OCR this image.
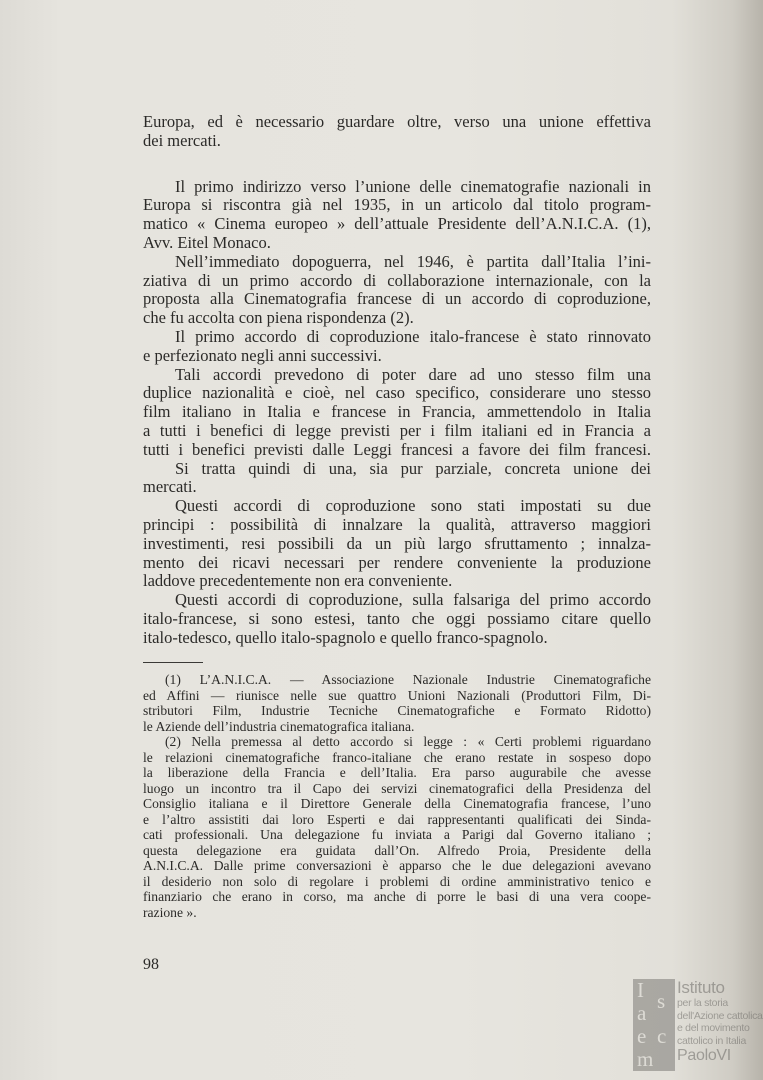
Europa, ed è necessario guardare oltre, verso una unione effettiva
dei mercati.
Il primo indirizzo verso l’unione delle cinematografie nazionali in
Europa si riscontra già nel 1935, in un articolo dal titolo program-
matico « Cinema europeo » dell’attuale Presidente dell’A.N.I.C.A. (1),
Avv. Eitel Monaco.
Nell’immediato dopoguerra, nel 1946, è partita dall’Italia l’ini-
ziativa di un primo accordo di collaborazione internazionale, con la
proposta alla Cinematografia francese di un accordo di coproduzione,
che fu accolta con piena rispondenza (2).
Il primo accordo di coproduzione italo-francese è stato rinnovato
e perfezionato negli anni successivi.
Tali accordi prevedono di poter dare ad uno stesso film una
duplice nazionalità e cioè, nel caso specifico, considerare uno stesso
film italiano in Italia e francese in Francia, ammettendolo in Italia
a tutti i benefici di legge previsti per i film italiani ed in Francia a
tutti i benefici previsti dalle Leggi francesi a favore dei film francesi.
Si tratta quindi di una, sia pur parziale, concreta unione dei
mercati.
Questi accordi di coproduzione sono stati impostati su due
principi : possibilità di innalzare la qualità, attraverso maggiori
investimenti, resi possibili da un più largo sfruttamento ; innalza-
mento dei ricavi necessari per rendere conveniente la produzione
laddove precedentemente non era conveniente.
Questi accordi di coproduzione, sulla falsariga del primo accordo
italo-francese, si sono estesi, tanto che oggi possiamo citare quello
italo-tedesco, quello italo-spagnolo e quello franco-spagnolo.
(1) L’A.N.I.C.A. — Associazione Nazionale Industrie Cinematografiche
ed Affini — riunisce nelle sue quattro Unioni Nazionali (Produttori Film, Di-
stributori Film, Industrie Tecniche Cinematografiche e Formato Ridotto)
le Aziende dell’industria cinematografica italiana.
(2) Nella premessa al detto accordo si legge : « Certi problemi riguardano
le relazioni cinematografiche franco-italiane che erano restate in sospeso dopo
la liberazione della Francia e dell’Italia. Era parso augurabile che avesse
luogo un incontro tra il Capo dei servizi cinematografici della Presidenza del
Consiglio italiana e il Direttore Generale della Cinematografia francese, l’uno
e l’altro assistiti dai loro Esperti e dai rappresentanti qualificati dei Sinda-
cati professionali. Una delegazione fu inviata a Parigi dal Governo italiano ;
questa delegazione era guidata dall’On. Alfredo Proia, Presidente della
A.N.I.C.A. Dalle prime conversazioni è apparso che le due delegazioni avevano
il desiderio non solo di regolare i problemi di ordine amministrativo tenico e
finanziario che erano in corso, ma anche di porre le basi di una vera coope-
razione ».
98
I s
a
e c
m
Istituto
per la storia
dell'Azione cattolica
e del movimento
cattolico in Italia
PaoloVI
